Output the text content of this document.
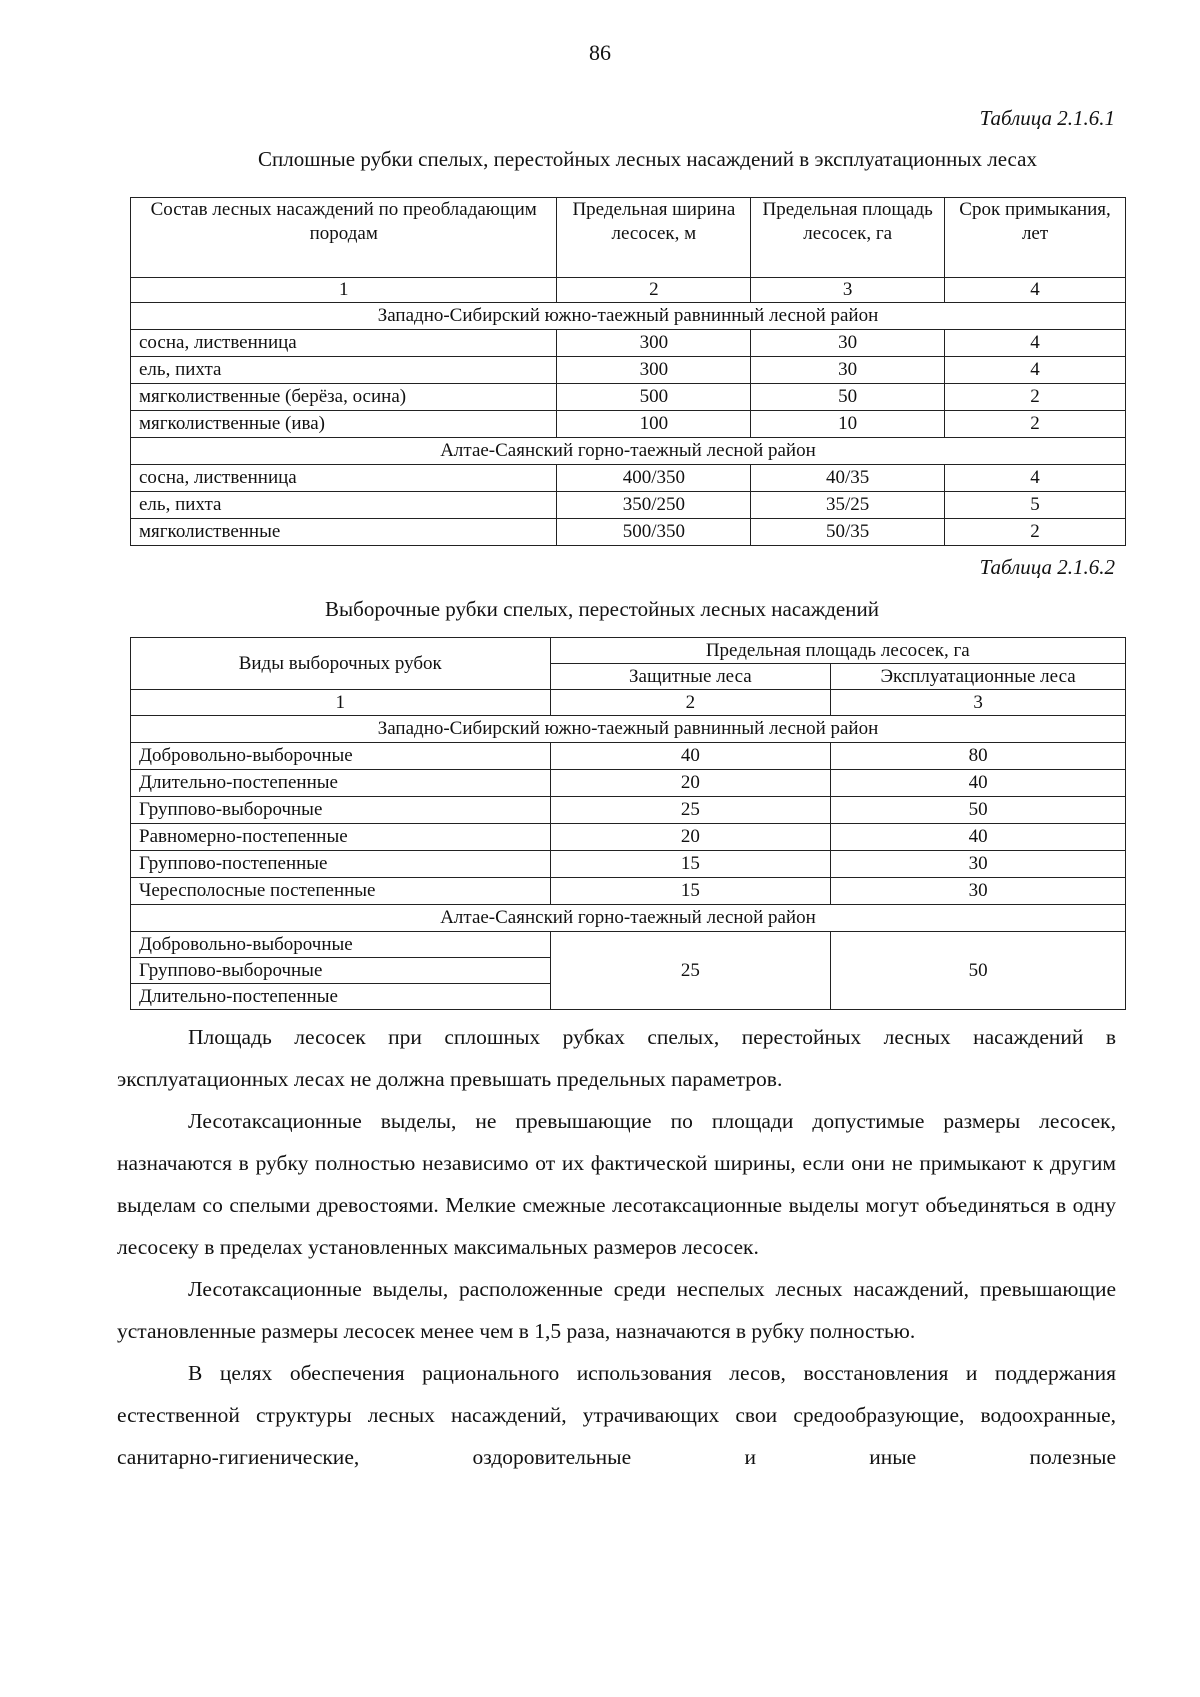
86
Таблица 2.1.6.1
Сплошные рубки спелых, перестойных лесных насаждений в эксплуатационных лесах
Состав лесных насаждений по преобладающим породам	Предельная ширина лесосек, м	Предельная площадь лесосек, га	Срок примыкания, лет
1	2	3	4
Западно-Сибирский южно-таежный равнинный лесной район			
сосна, лиственница	300	30	4
ель, пихта	300	30	4
мягколиственные (берёза, осина)	500	50	2
мягколиственные (ива)	100	10	2
Алтае-Саянский горно-таежный лесной район			
сосна, лиственница	400/350	40/35	4
ель, пихта	350/250	35/25	5
мягколиственные	500/350	50/35	2
Таблица 2.1.6.2
Выборочные рубки спелых, перестойных лесных насаждений
Виды выборочных рубок	Предельная площадь лесосек, га	
	Защитные леса	Эксплуатационные леса
1	2	3
Западно-Сибирский южно-таежный равнинный лесной район		
Добровольно-выборочные	40	80
Длительно-постепенные	20	40
Группово-выборочные	25	50
Равномерно-постепенные	20	40
Группово-постепенные	15	30
Чересполосные постепенные	15	30
Алтае-Саянский горно-таежный лесной район		
Добровольно-выборочные	25	50
Группово-выборочные		
Длительно-постепенные		

Площадь лесосек при сплошных рубках спелых, перестойных лесных насаждений в эксплуатационных лесах не должна превышать предельных параметров.

Лесотаксационные выделы, не превышающие по площади допустимые размеры лесосек, назначаются в рубку полностью независимо от их фактической ширины, если они не примыкают к другим выделам со спелыми древостоями. Мелкие смежные лесотаксационные выделы могут объединяться в одну лесосеку в пределах установленных максимальных размеров лесосек.

Лесотаксационные выделы, расположенные среди неспелых лесных насаждений, превышающие установленные размеры лесосек менее чем в 1,5 раза, назначаются в рубку полностью.

В целях обеспечения рационального использования лесов, восстановления и поддержания естественной структуры лесных насаждений, утрачивающих свои средообразующие, водоохранные, санитарно-гигиенические, оздоровительные и иные полезные
